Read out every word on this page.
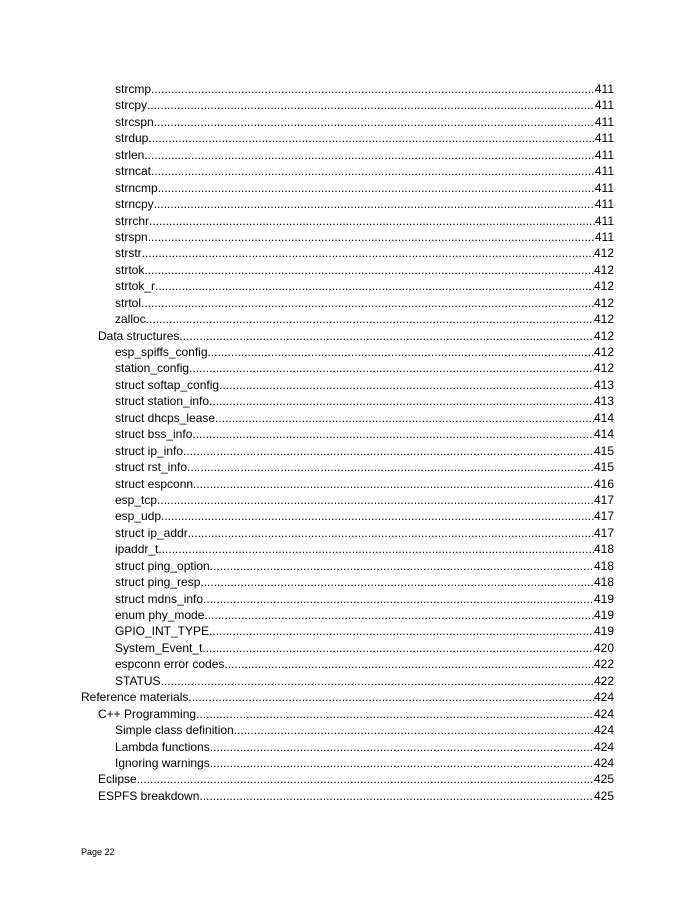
strcmp .....	411
strcpy .....	411
strcspn .....	411
strdup .....	411
strlen .....	411
strncat .....	411
strncmp .....	411
strncpy .....	411
strrchr .....	411
strspn .....	411
strstr .....	412
strtok .....	412
strtok_r .....	412
strtol .....	412
zalloc .....	412
Data structures .....	412
esp_spiffs_config .....	412
station_config .....	412
struct softap_config .....	413
struct station_info .....	413
struct dhcps_lease .....	414
struct bss_info .....	414
struct ip_info .....	415
struct rst_info .....	415
struct espconn .....	416
esp_tcp .....	417
esp_udp .....	417
struct ip_addr .....	417
ipaddr_t .....	418
struct ping_option .....	418
struct ping_resp .....	418
struct mdns_info .....	419
enum phy_mode .....	419
GPIO_INT_TYPE .....	419
System_Event_t .....	420
espconn error codes .....	422
STATUS .....	422
Reference materials .....	424
C++ Programming .....	424
Simple class definition .....	424
Lambda functions .....	424
Ignoring warnings .....	424
Eclipse .....	425
ESPFS breakdown .....	425
Page 22
